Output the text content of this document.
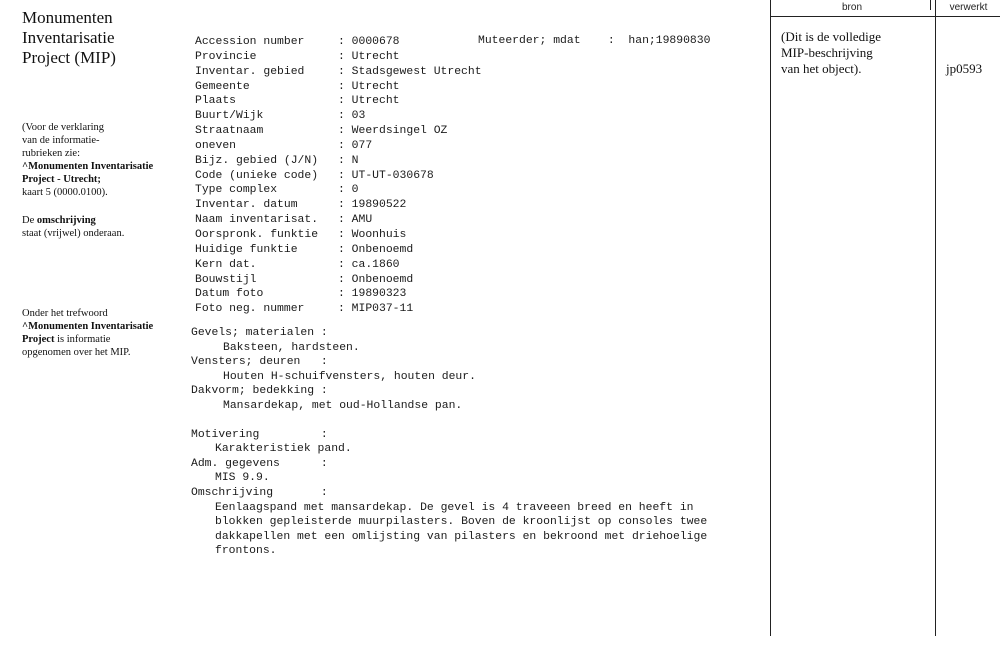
Monumenten
Inventarisatie
Project (MIP)
(Voor de verklaring
van de informatie-
rubrieken zie:
^Monumenten Inventarisatie
Project - Utrecht;
kaart 5 (0000.0100).
De omschrijving
staat (vrijwel) onderaan.
Onder het trefwoord
^Monumenten Inventarisatie
Project is informatie
opgenomen over het MIP.
Accession number	: 0000678
Provincie	: Utrecht
Inventar. gebied	: Stadsgewest Utrecht
Gemeente	: Utrecht
Plaats	: Utrecht
Buurt/Wijk	: 03
Straatnaam	: Weerdsingel OZ
oneven	: 077
Bijz. gebied (J/N) : N
Code (unieke code) : UT-UT-030678
Type complex	: 0
Inventar. datum	: 19890522
Naam inventarisat. : AMU
Oorspronk. funktie : Woonhuis
Huidige funktie	: Onbenoemd
Kern dat.	: ca.1860
Bouwstijl	: Onbenoemd
Datum foto	: 19890323
Foto neg. nummer	: MIP037-11
Muteerder; mdat    :  han;19890830
Gevels; materialen :
Baksteen, hardsteen.
Vensters; deuren   :
Houten H-schuifvensters, houten deur.
Dakvorm; bedekking :
Mansardekap, met oud-Hollandse pan.
Motivering         :
Karakteristiek pand.
Adm. gegevens      :
MIS 9.9.
Omschrijving       :
Eenlaagspand met mansardekap. De gevel is 4 traveeen breed en heeft in
blokken gepleisterde muurpilasters. Boven de kroonlijst op consoles twee
dakkapellen met een omlijsting van pilasters en bekroond met driehoelige
frontons.
bron	verwerkt
(Dit is de volledige
MIP-beschrijving
van het object).	jp0593
